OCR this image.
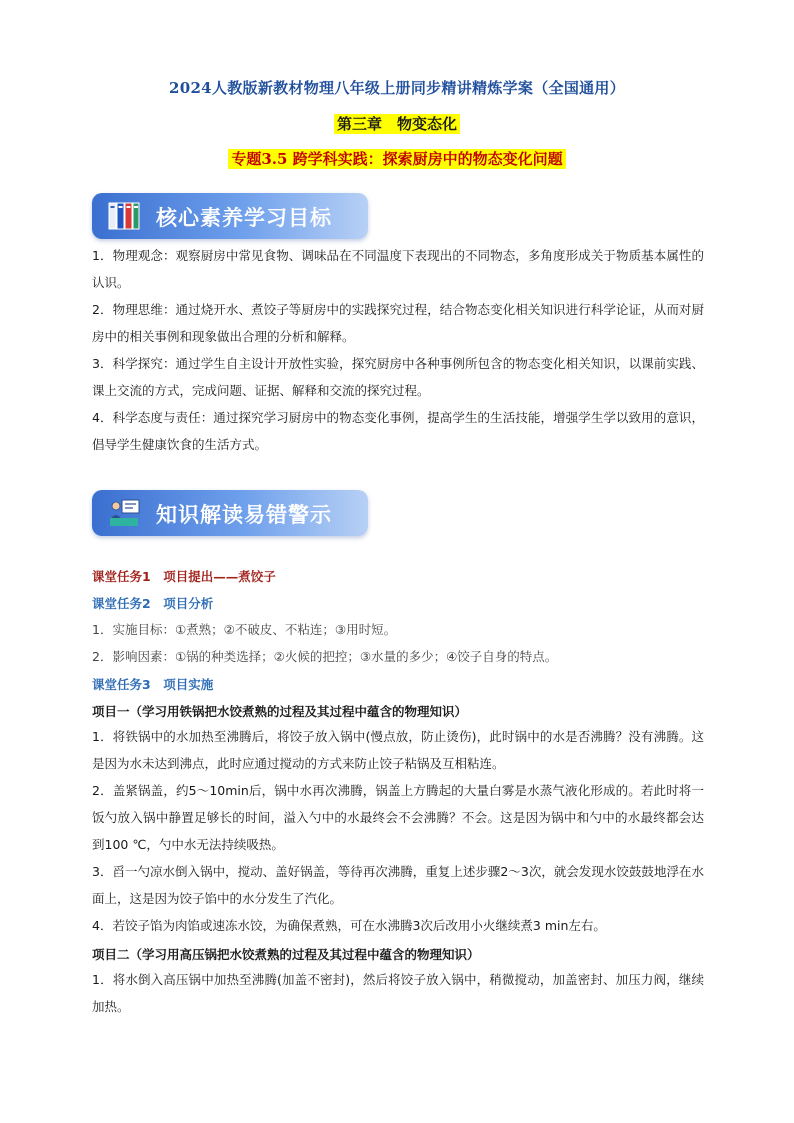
2024人教版新教材物理八年级上册同步精讲精炼学案（全国通用）
第三章　物变态化
专题3.5 跨学科实践：探索厨房中的物态变化问题
核心素养学习目标
1．物理观念：观察厨房中常见食物、调味品在不同温度下表现出的不同物态，多角度形成关于物质基本属性的认识。
2．物理思维：通过烧开水、煮饺子等厨房中的实践探究过程，结合物态变化相关知识进行科学论证，从而对厨房中的相关事例和现象做出合理的分析和解释。
3．科学探究：通过学生自主设计开放性实验，探究厨房中各种事例所包含的物态变化相关知识，以课前实践、课上交流的方式，完成问题、证据、解释和交流的探究过程。
4．科学态度与责任：通过探究学习厨房中的物态变化事例，提高学生的生活技能，增强学生学以致用的意识，倡导学生健康饮食的生活方式。
知识解读易错警示
课堂任务1　项目提出——煮饺子
课堂任务2　项目分析
1．实施目标：①煮熟；②不破皮、不粘连；③用时短。
2．影响因素：①锅的种类选择；②火候的把控；③水量的多少；④饺子自身的特点。
课堂任务3　项目实施
项目一（学习用铁锅把水饺煮熟的过程及其过程中蕴含的物理知识）
1．将铁锅中的水加热至沸腾后，将饺子放入锅中(慢点放，防止烫伤)，此时锅中的水是否沸腾？没有沸腾。这是因为水未达到沸点，此时应通过搅动的方式来防止饺子粘锅及互相粘连。
2．盖紧锅盖，约5～10min后，锅中水再次沸腾，锅盖上方腾起的大量白雾是水蒸气液化形成的。若此时将一饭勺放入锅中静置足够长的时间，溢入勺中的水最终会不会沸腾？不会。这是因为锅中和勺中的水最终都会达到100 ℃，勺中水无法持续吸热。
3．舀一勺凉水倒入锅中，搅动、盖好锅盖，等待再次沸腾，重复上述步骤2～3次，就会发现水饺鼓鼓地浮在水面上，这是因为饺子馅中的水分发生了汽化。
4．若饺子馅为肉馅或速冻水饺，为确保煮熟，可在水沸腾3次后改用小火继续煮3 min左右。
项目二（学习用高压锅把水饺煮熟的过程及其过程中蕴含的物理知识）
1．将水倒入高压锅中加热至沸腾(加盖不密封)，然后将饺子放入锅中，稍微搅动，加盖密封、加压力阀，继续加热。
